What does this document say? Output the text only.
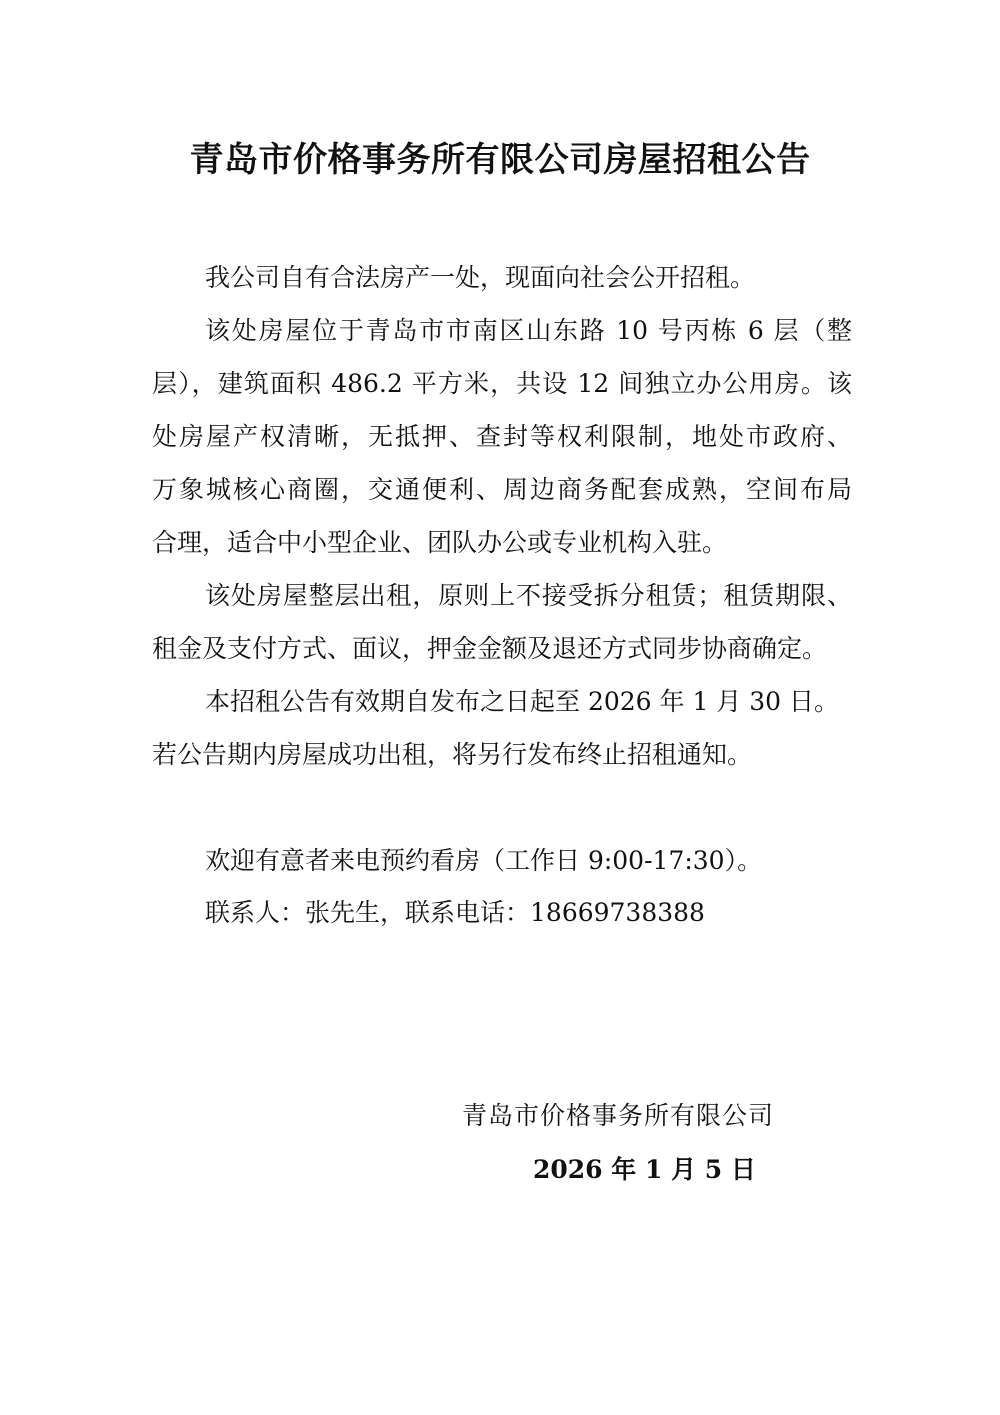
青岛市价格事务所有限公司房屋招租公告
我公司自有合法房产一处，现面向社会公开招租。
该处房屋位于青岛市市南区山东路 10 号丙栋 6 层（整
层），建筑面积 486.2 平方米，共设 12 间独立办公用房。该
处房屋产权清晰，无抵押、查封等权利限制，地处市政府、
万象城核心商圈，交通便利、周边商务配套成熟，空间布局
合理，适合中小型企业、团队办公或专业机构入驻。
该处房屋整层出租，原则上不接受拆分租赁；租赁期限、
租金及支付方式、面议，押金金额及退还方式同步协商确定。
本招租公告有效期自发布之日起至 2026 年 1 月 30 日。
若公告期内房屋成功出租，将另行发布终止招租通知。
欢迎有意者来电预约看房（工作日 9:00-17:30）。
联系人：张先生，联系电话：18669738388
青岛市价格事务所有限公司
2026 年 1 月 5 日
